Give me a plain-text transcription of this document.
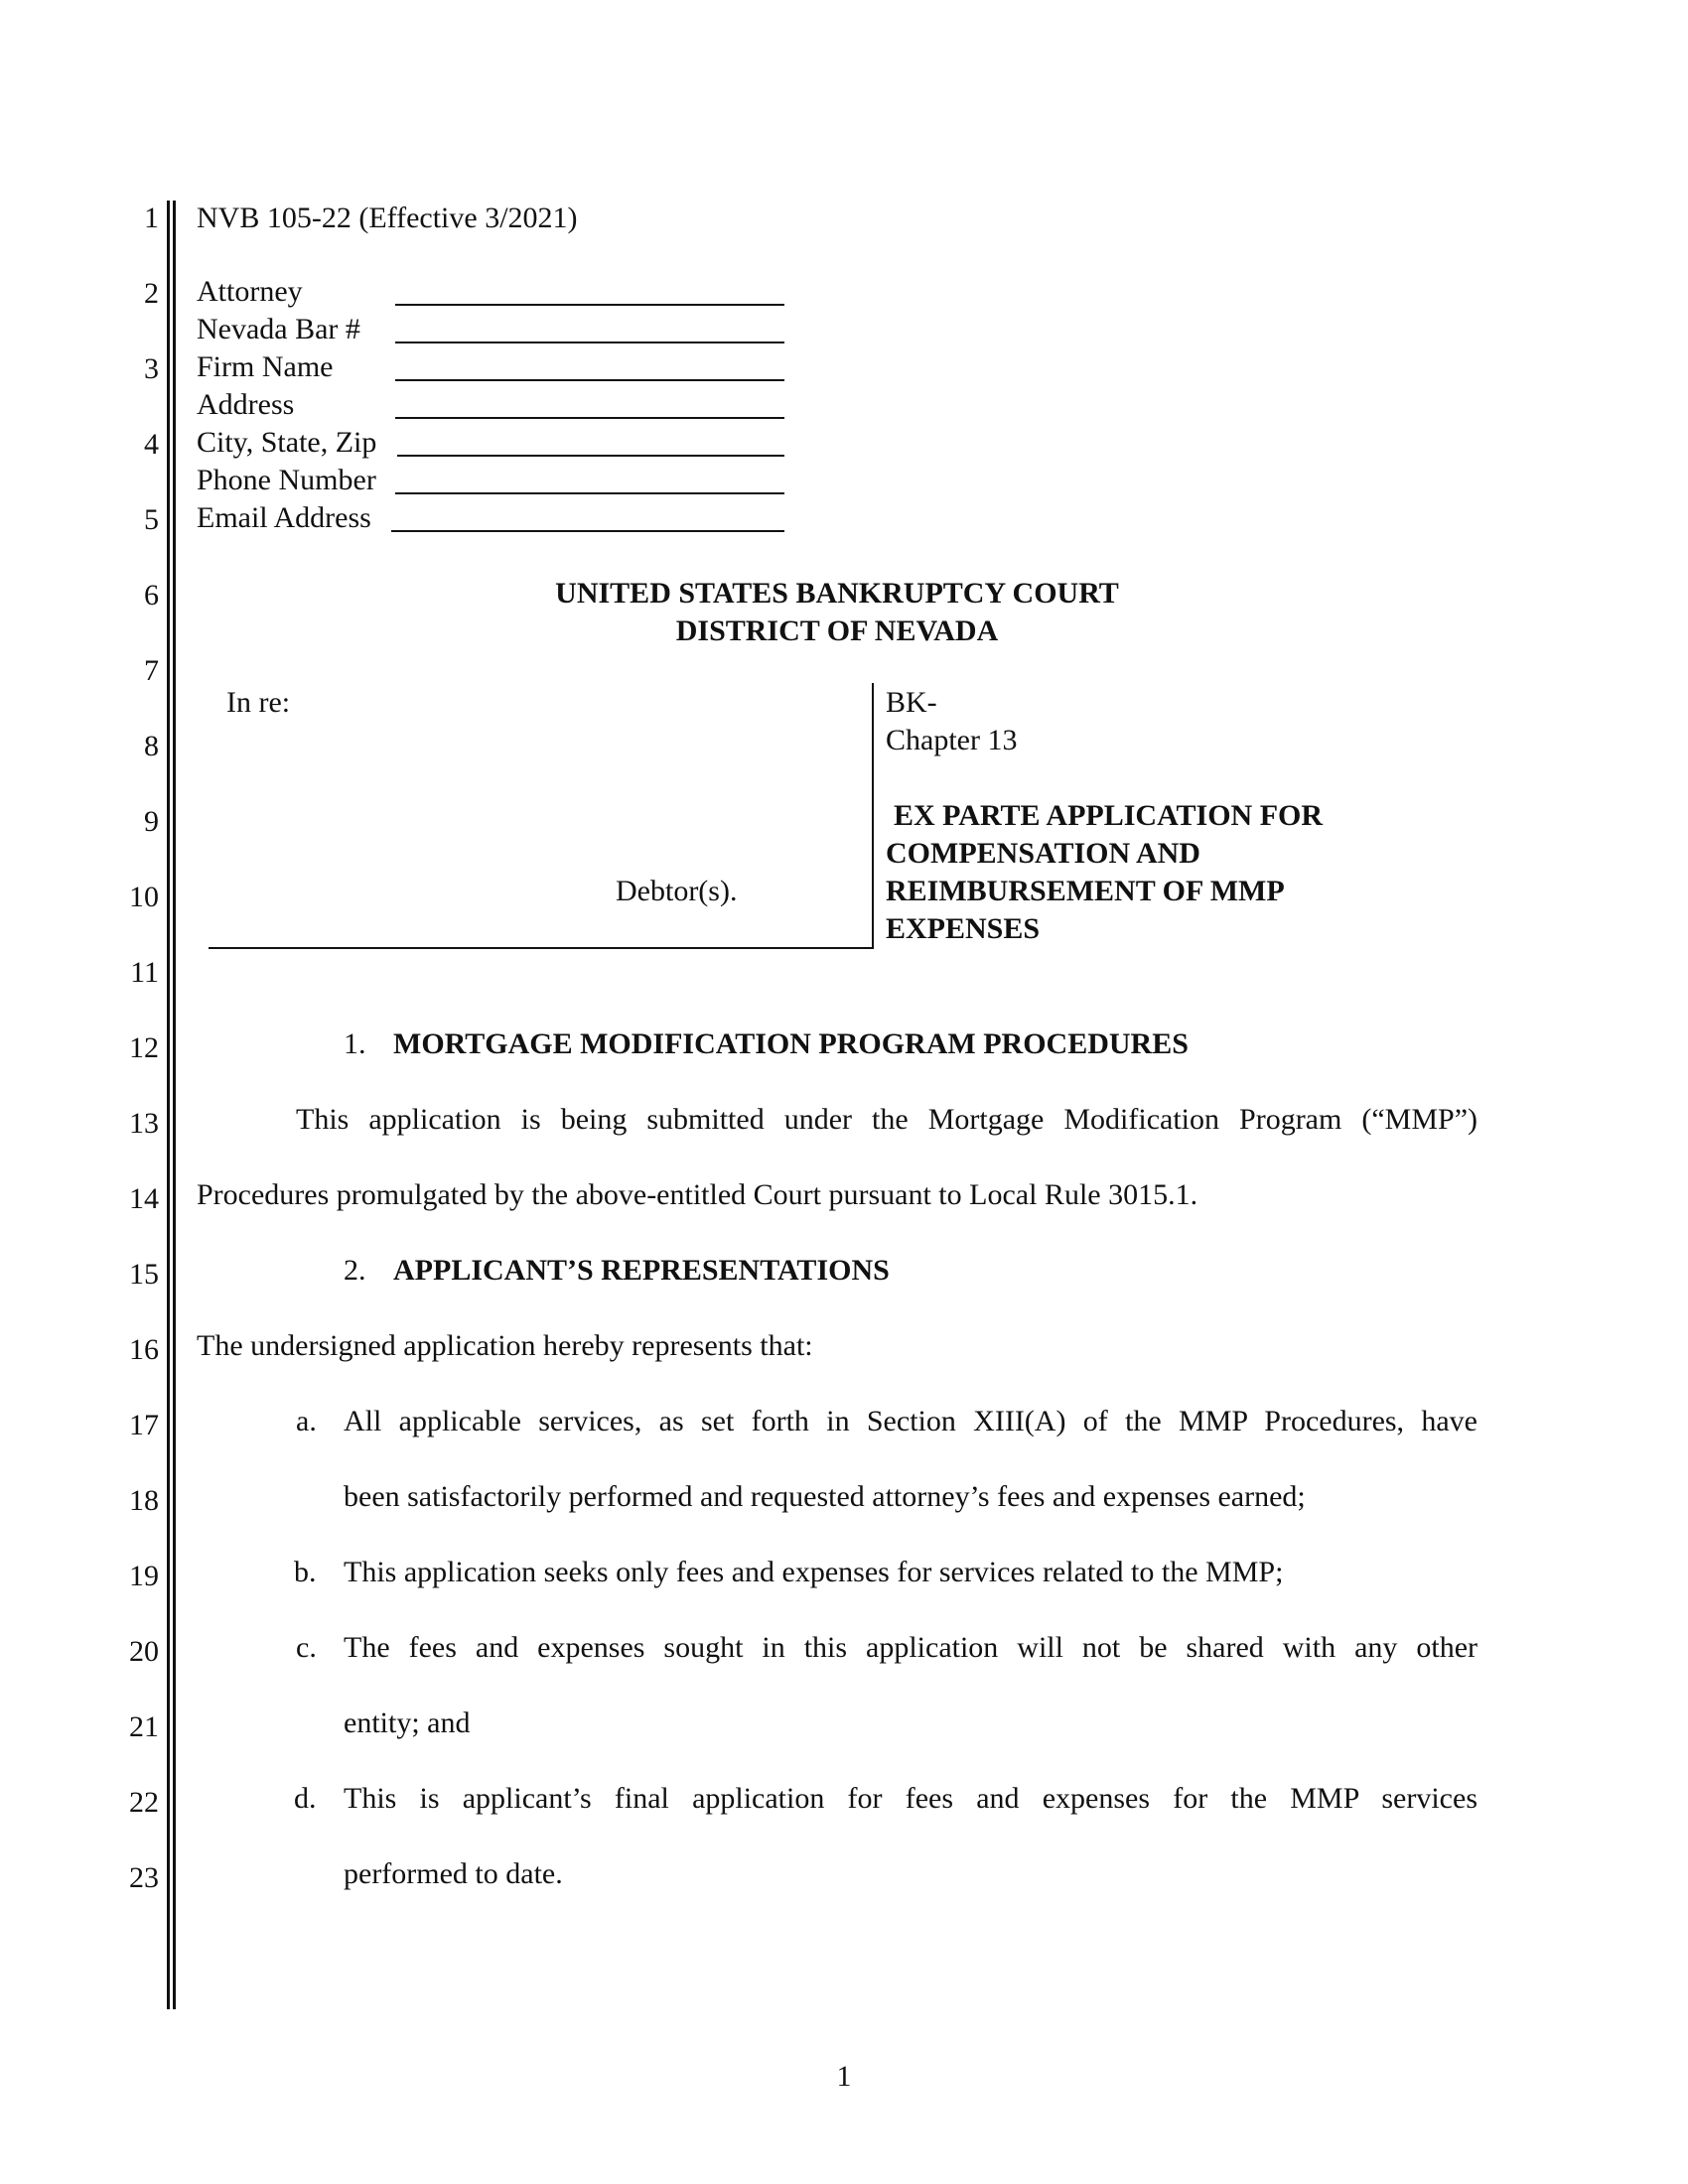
1
2
3
4
5
6
7
8
9
10
11
12
13
14
15
16
17
18
19
20
21
22
23
NVB 105-22 (Effective 3/2021)
Attorney
Nevada Bar #
Firm Name
Address
City, State, Zip
Phone Number
Email Address
UNITED STATES BANKRUPTCY COURT
DISTRICT OF NEVADA
In re:
Debtor(s).
BK-
Chapter 13
EX PARTE APPLICATION FOR
COMPENSATION AND
REIMBURSEMENT OF MMP
EXPENSES
1. MORTGAGE MODIFICATION PROGRAM PROCEDURES
This application is being submitted under the Mortgage Modification Program (“MMP”)
Procedures promulgated by the above-entitled Court pursuant to Local Rule 3015.1.
2. APPLICANT’S REPRESENTATIONS
The undersigned application hereby represents that:
a. All applicable services, as set forth in Section XIII(A) of the MMP Procedures, have
been satisfactorily performed and requested attorney’s fees and expenses earned;
b. This application seeks only fees and expenses for services related to the MMP;
c. The fees and expenses sought in this application will not be shared with any other
entity; and
d. This is applicant’s final application for fees and expenses for the MMP services
performed to date.
1
